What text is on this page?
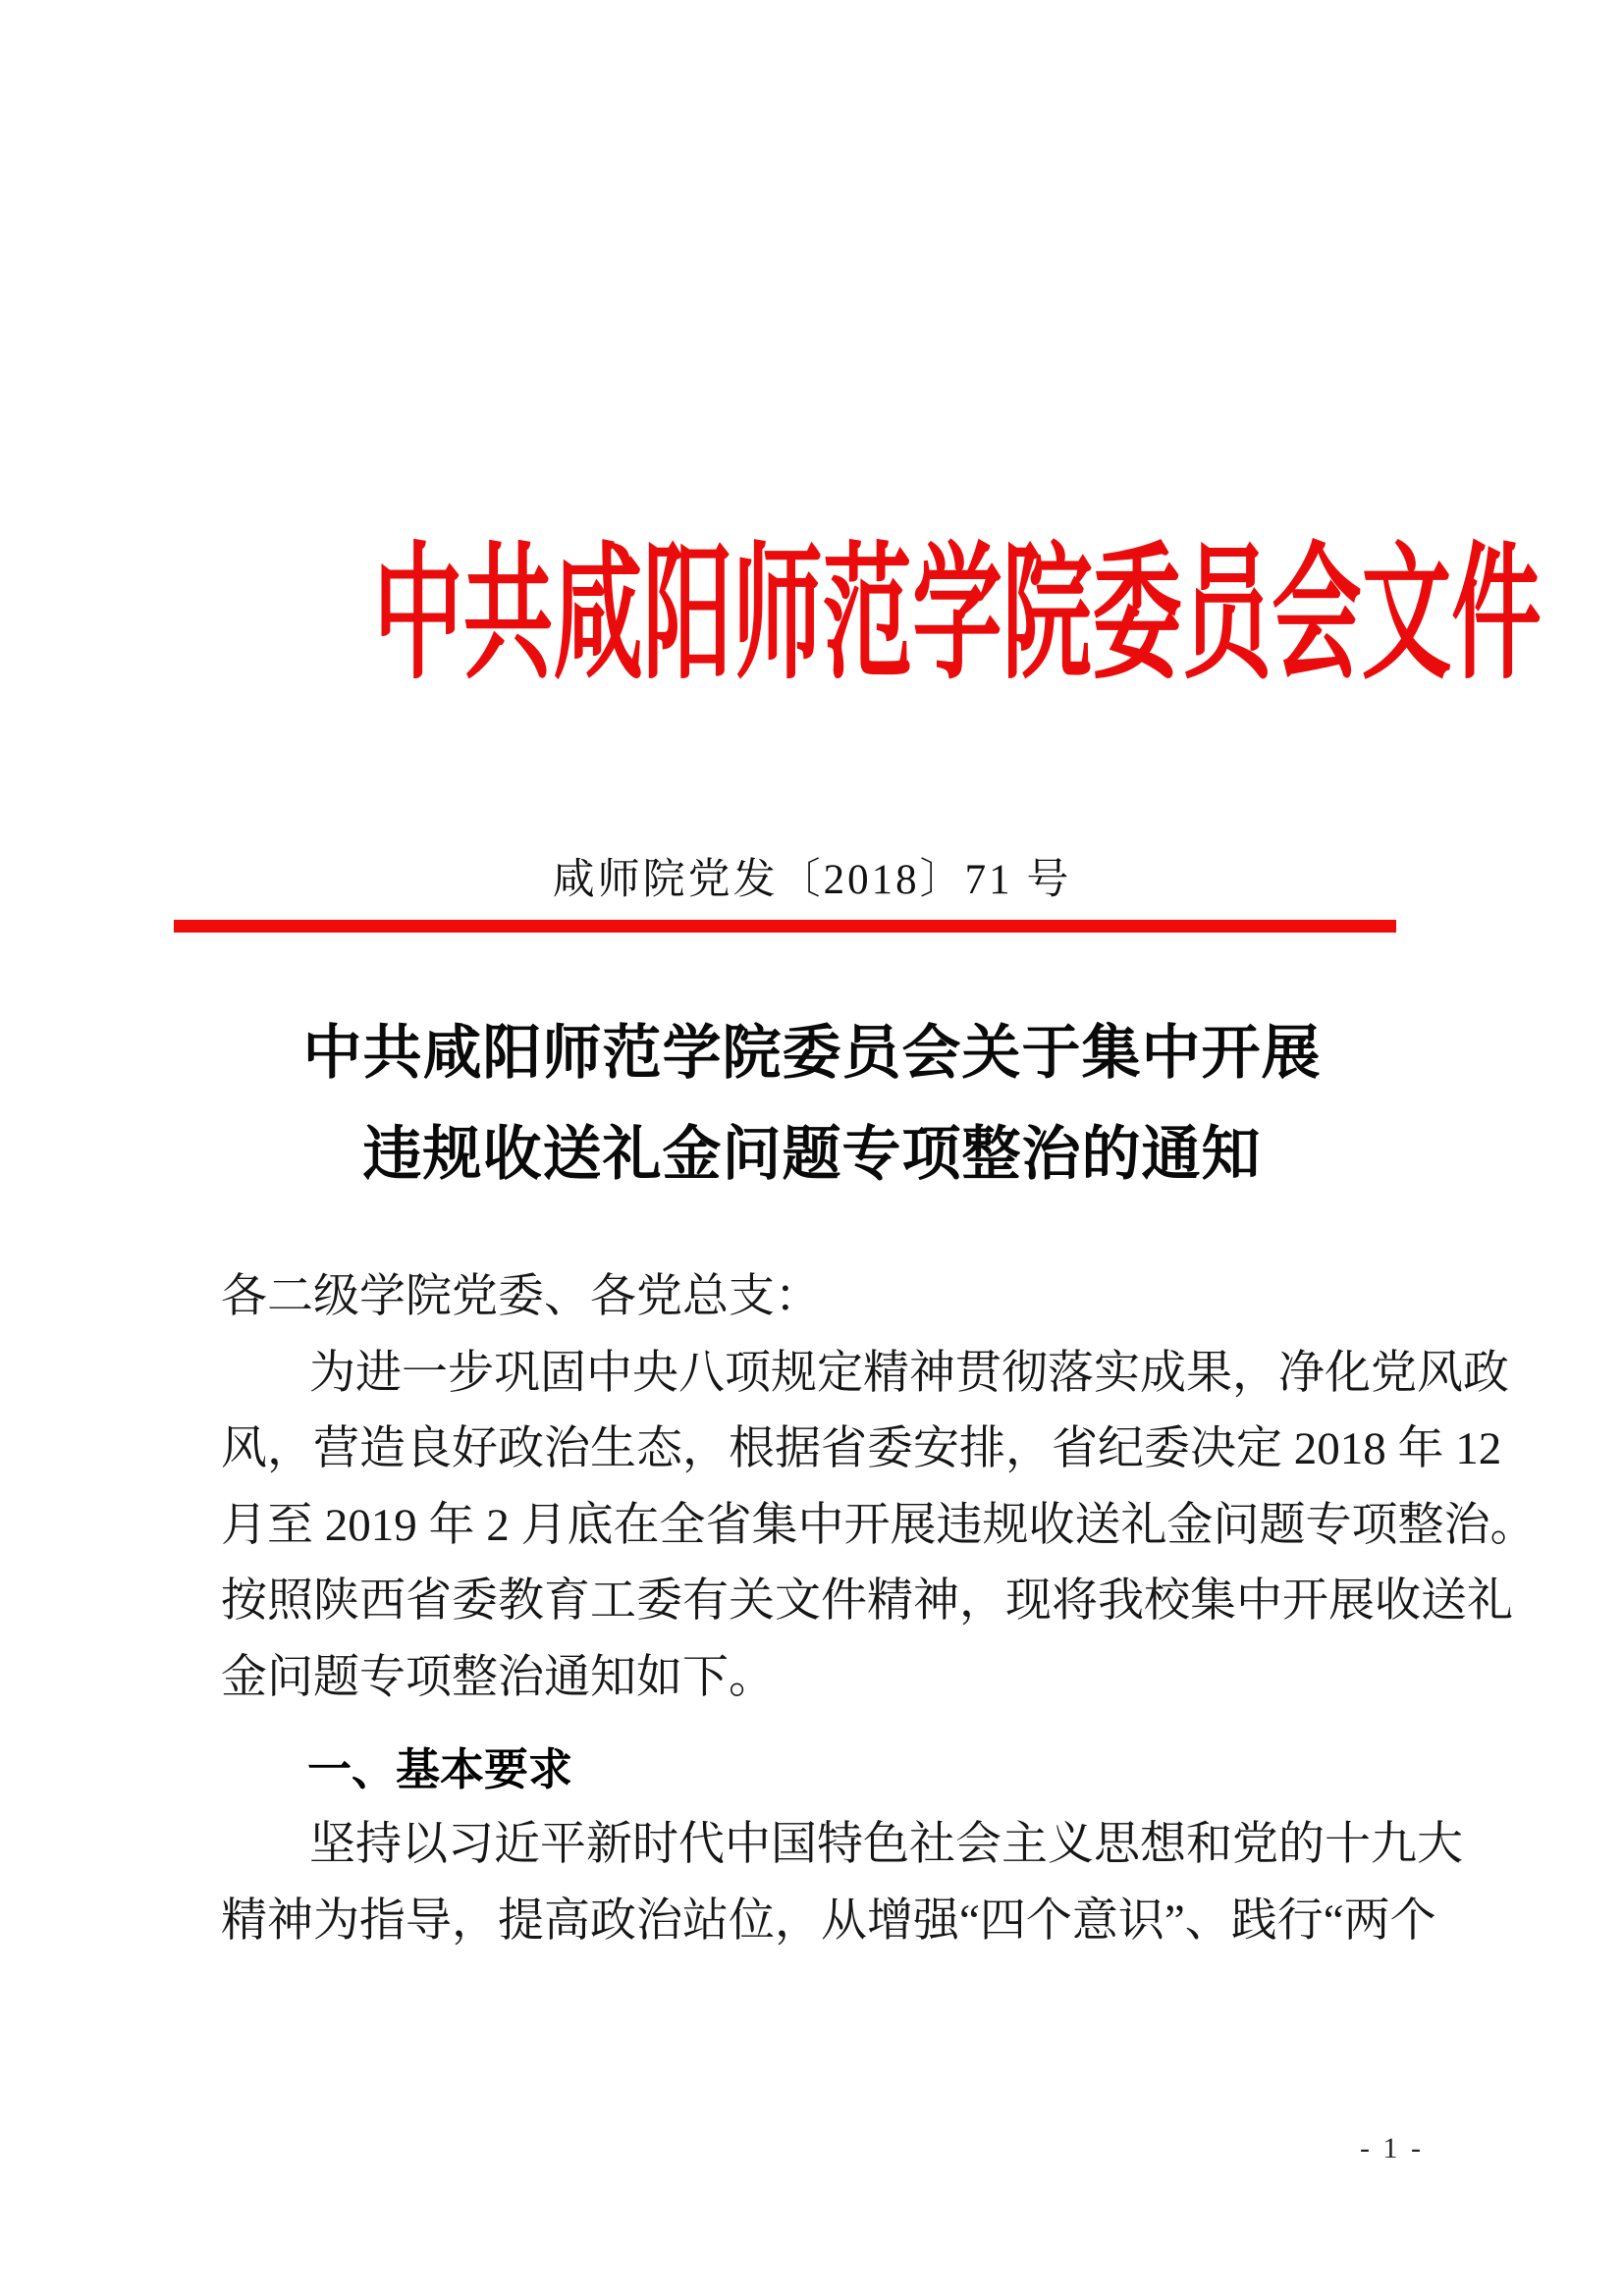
中共咸阳师范学院委员会文件
咸师院党发〔2018〕71 号
中共咸阳师范学院委员会关于集中开展
违规收送礼金问题专项整治的通知
各二级学院党委、各党总支：
为进一步巩固中央八项规定精神贯彻落实成果，净化党风政
风，营造良好政治生态，根据省委安排，省纪委决定 2018 年 12
月至 2019 年 2 月底在全省集中开展违规收送礼金问题专项整治。
按照陕西省委教育工委有关文件精神，现将我校集中开展收送礼
金问题专项整治通知如下。
一、基本要求
坚持以习近平新时代中国特色社会主义思想和党的十九大
精神为指导，提高政治站位，从增强“四个意识”、践行“两个
- 1 -
